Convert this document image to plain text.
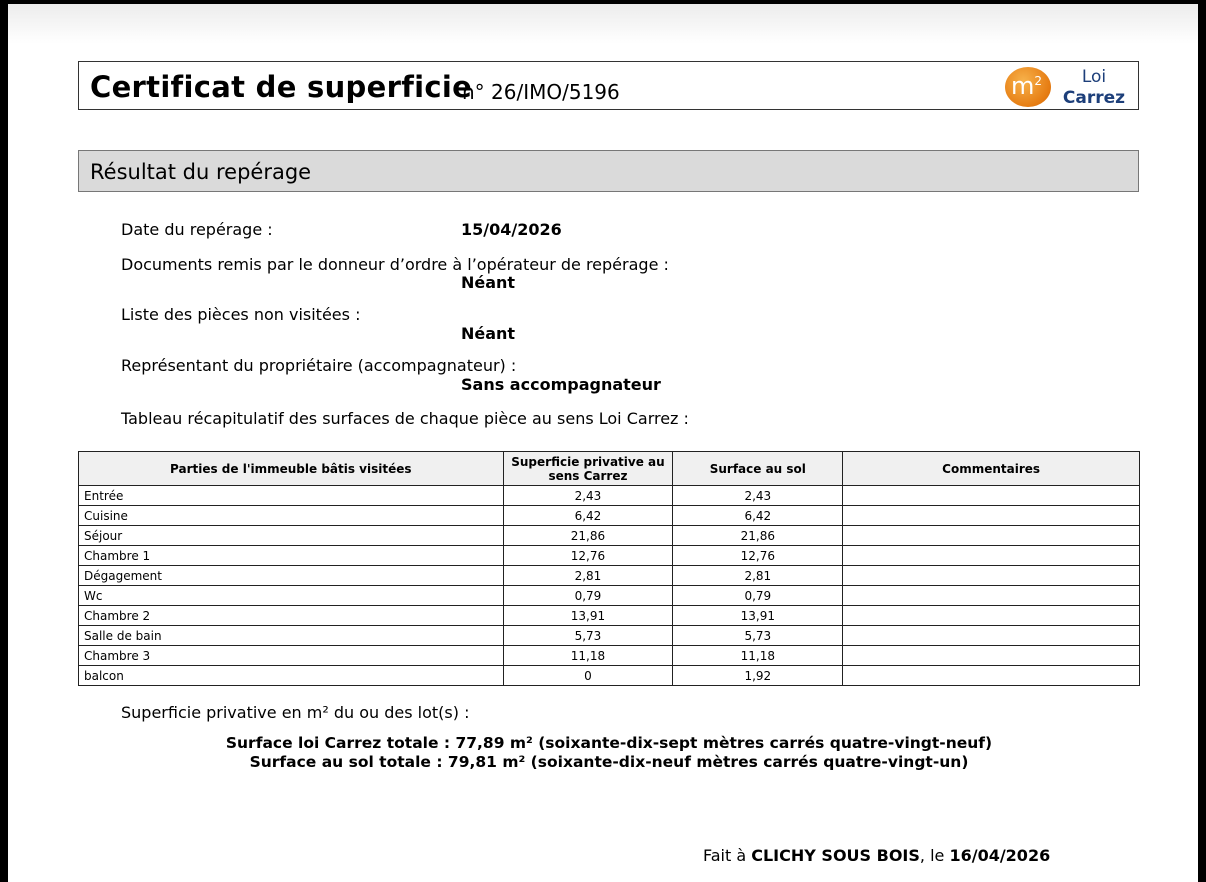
Certificat de superficie
n° 26/IMO/5196	$m^2$	Loi
Carrez
Résultat du repérage
Date du repérage :	15/04/2026
Documents remis par le donneur d’ordre à l’opérateur de repérage :
Néant
Liste des pièces non visitées :
Néant
Représentant du propriétaire (accompagnateur) :
Sans accompagnateur
Tableau récapitulatif des surfaces de chaque pièce au sens Loi Carrez :
Parties de l'immeuble bâtis visitées	Superficie privative au sens Carrez	Surface au sol	Commentaires
Entrée	2,43	2,43	
Cuisine	6,42	6,42	
Séjour	21,86	21,86	
Chambre 1	12,76	12,76	
Dégagement	2,81	2,81	
Wc	0,79	0,79	
Chambre 2	13,91	13,91	
Salle de bain	5,73	5,73	
Chambre 3	11,18	11,18	
balcon	0	1,92	
Superficie privative en m² du ou des lot(s) :
Surface loi Carrez totale : 77,89 m² (soixante-dix-sept mètres carrés quatre-vingt-neuf)
Surface au sol totale : 79,81 m² (soixante-dix-neuf mètres carrés quatre-vingt-un)
Fait à CLICHY SOUS BOIS, le 16/04/2026
